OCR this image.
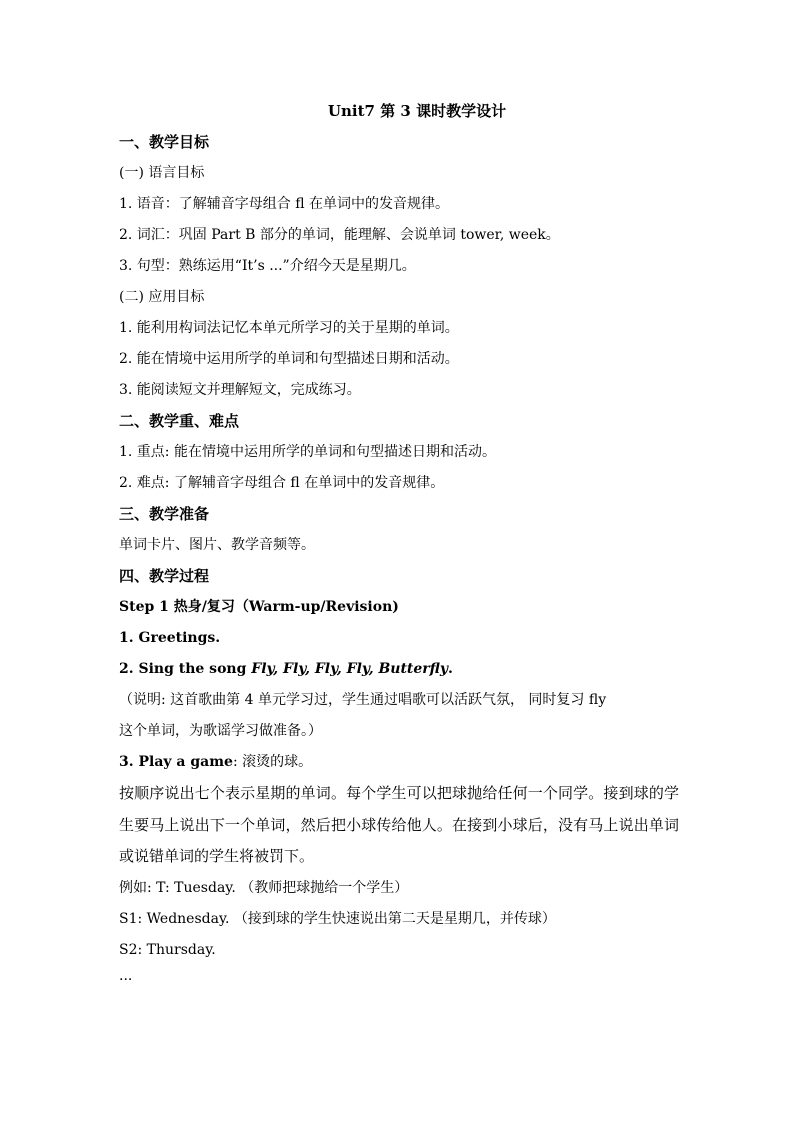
Unit7 第 3 课时教学设计
一、教学目标
(一) 语言目标
1. 语音：了解辅音字母组合 fl 在单词中的发音规律。
2. 词汇：巩固 Part B 部分的单词，能理解、会说单词 tower, week。
3. 句型：熟练运用“It’s ...”介绍今天是星期几。
(二) 应用目标
1. 能利用构词法记忆本单元所学习的关于星期的单词。
2. 能在情境中运用所学的单词和句型描述日期和活动。
3. 能阅读短文并理解短文，完成练习。
二、教学重、难点
1. 重点: 能在情境中运用所学的单词和句型描述日期和活动。
2. 难点: 了解辅音字母组合 fl 在单词中的发音规律。
三、教学准备
单词卡片、图片、教学音频等。
四、教学过程
Step 1 热身/复习（Warm-up/Revision)
1. Greetings.
2. Sing the song Fly, Fly, Fly, Fly, Butterfly.
（说明: 这首歌曲第 4 单元学习过，学生通过唱歌可以活跃气氛， 同时复习 fly
这个单词，为歌谣学习做准备。）
3. Play a game: 滚烫的球。
按顺序说出七个表示星期的单词。每个学生可以把球抛给任何一个同学。接到球的学生要马上说出下一个单词，然后把小球传给他人。在接到小球后，没有马上说出单词或说错单词的学生将被罚下。
例如: T: Tuesday. （教师把球抛给一个学生）
S1: Wednesday. （接到球的学生快速说出第二天是星期几，并传球）
S2: Thursday.
...
